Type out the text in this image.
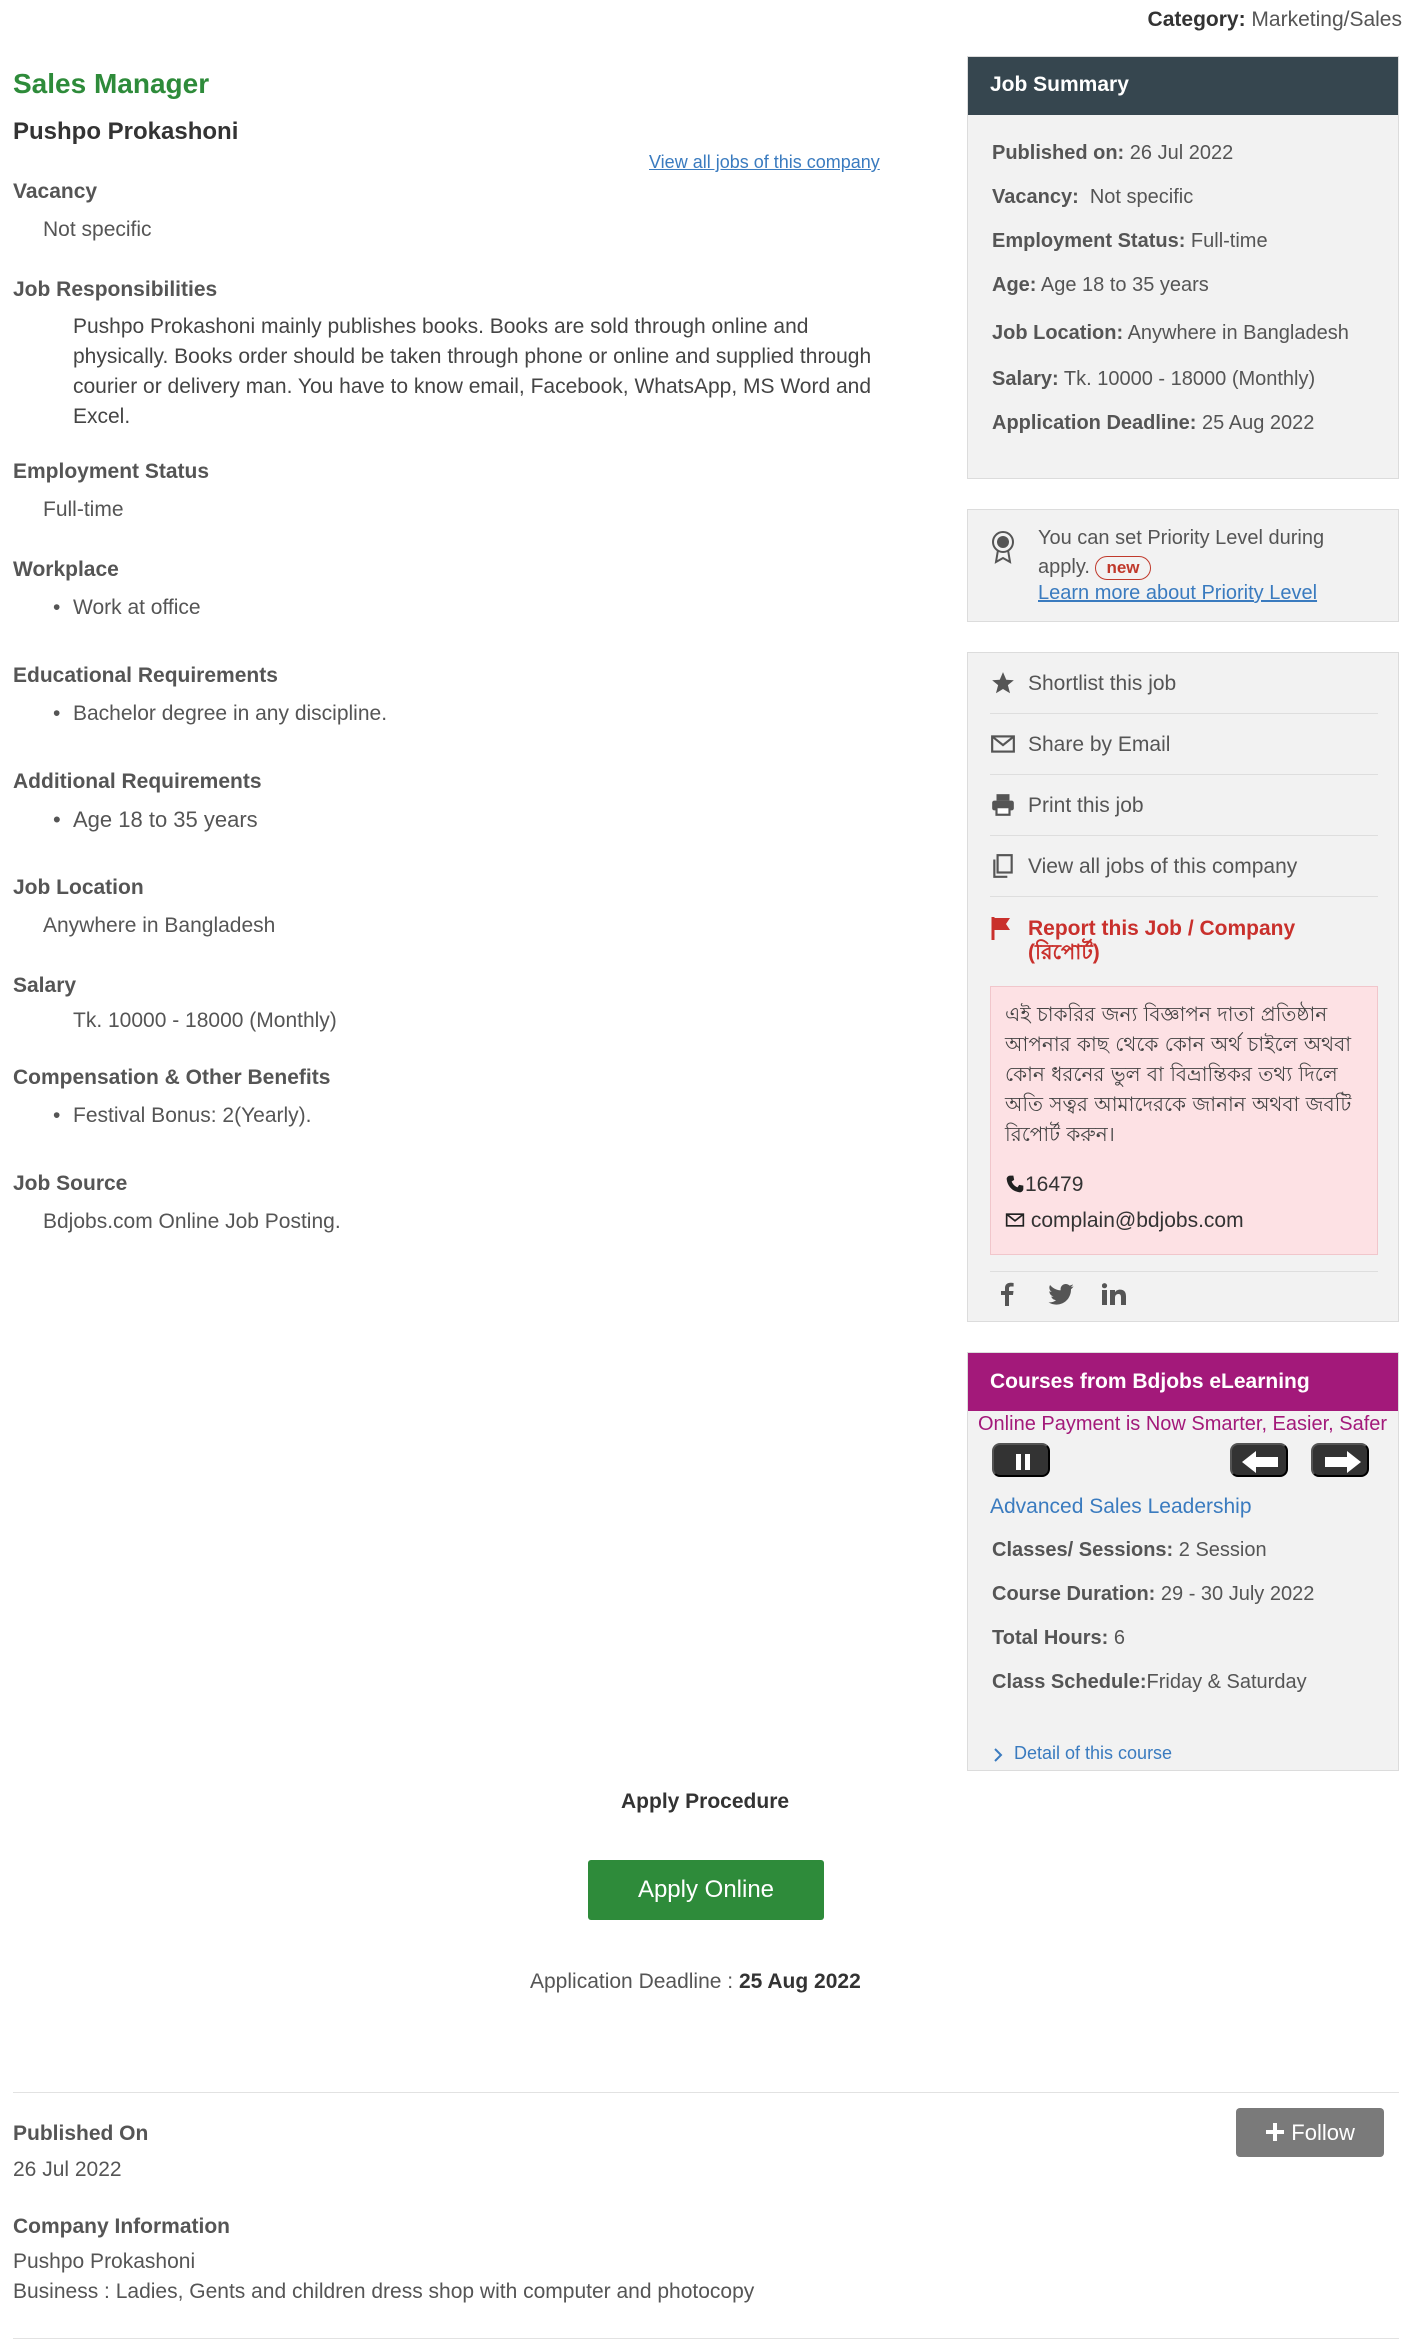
Category: Marketing/Sales
Sales Manager
Pushpo Prokashoni
View all jobs of this company
Vacancy
Not specific
Job Responsibilities
Pushpo Prokashoni mainly publishes books. Books are sold through online and physically. Books order should be taken through phone or online and supplied through courier or delivery man. You have to know email, Facebook, WhatsApp, MS Word and Excel.
Employment Status
Full-time
Workplace
• Work at office
Educational Requirements
• Bachelor degree in any discipline.
Additional Requirements
• Age 18 to 35 years
Job Location
Anywhere in Bangladesh
Salary
Tk. 10000 - 18000 (Monthly)
Compensation & Other Benefits
• Festival Bonus: 2(Yearly).
Job Source
Bdjobs.com Online Job Posting.
Job Summary
Published on: 26 Jul 2022
Vacancy: Not specific
Employment Status: Full-time
Age: Age 18 to 35 years
Job Location: Anywhere in Bangladesh
Salary: Tk. 10000 - 18000 (Monthly)
Application Deadline: 25 Aug 2022
You can set Priority Level during apply. new
Learn more about Priority Level
Shortlist this job
Share by Email
Print this job
View all jobs of this company
Report this Job / Company (রিপোর্ট)
এই চাকরির জন্য বিজ্ঞাপন দাতা প্রতিষ্ঠান আপনার কাছ থেকে কোন অর্থ চাইলে অথবা কোন ধরনের ভুল বা বিভ্রান্তিকর তথ্য দিলে অতি সত্বর আমাদেরকে জানান অথবা জবটি রিপোর্ট করুন।
16479
complain@bdjobs.com
Courses from Bdjobs eLearning
Online Payment is Now Smarter, Easier, Safer
Advanced Sales Leadership
Classes/ Sessions: 2 Session
Course Duration: 29 - 30 July 2022
Total Hours: 6
Class Schedule:Friday & Saturday
Detail of this course
Apply Procedure
Apply Online
Application Deadline : 25 Aug 2022
Published On
26 Jul 2022
Follow
Company Information
Pushpo Prokashoni
Business : Ladies, Gents and children dress shop with computer and photocopy
